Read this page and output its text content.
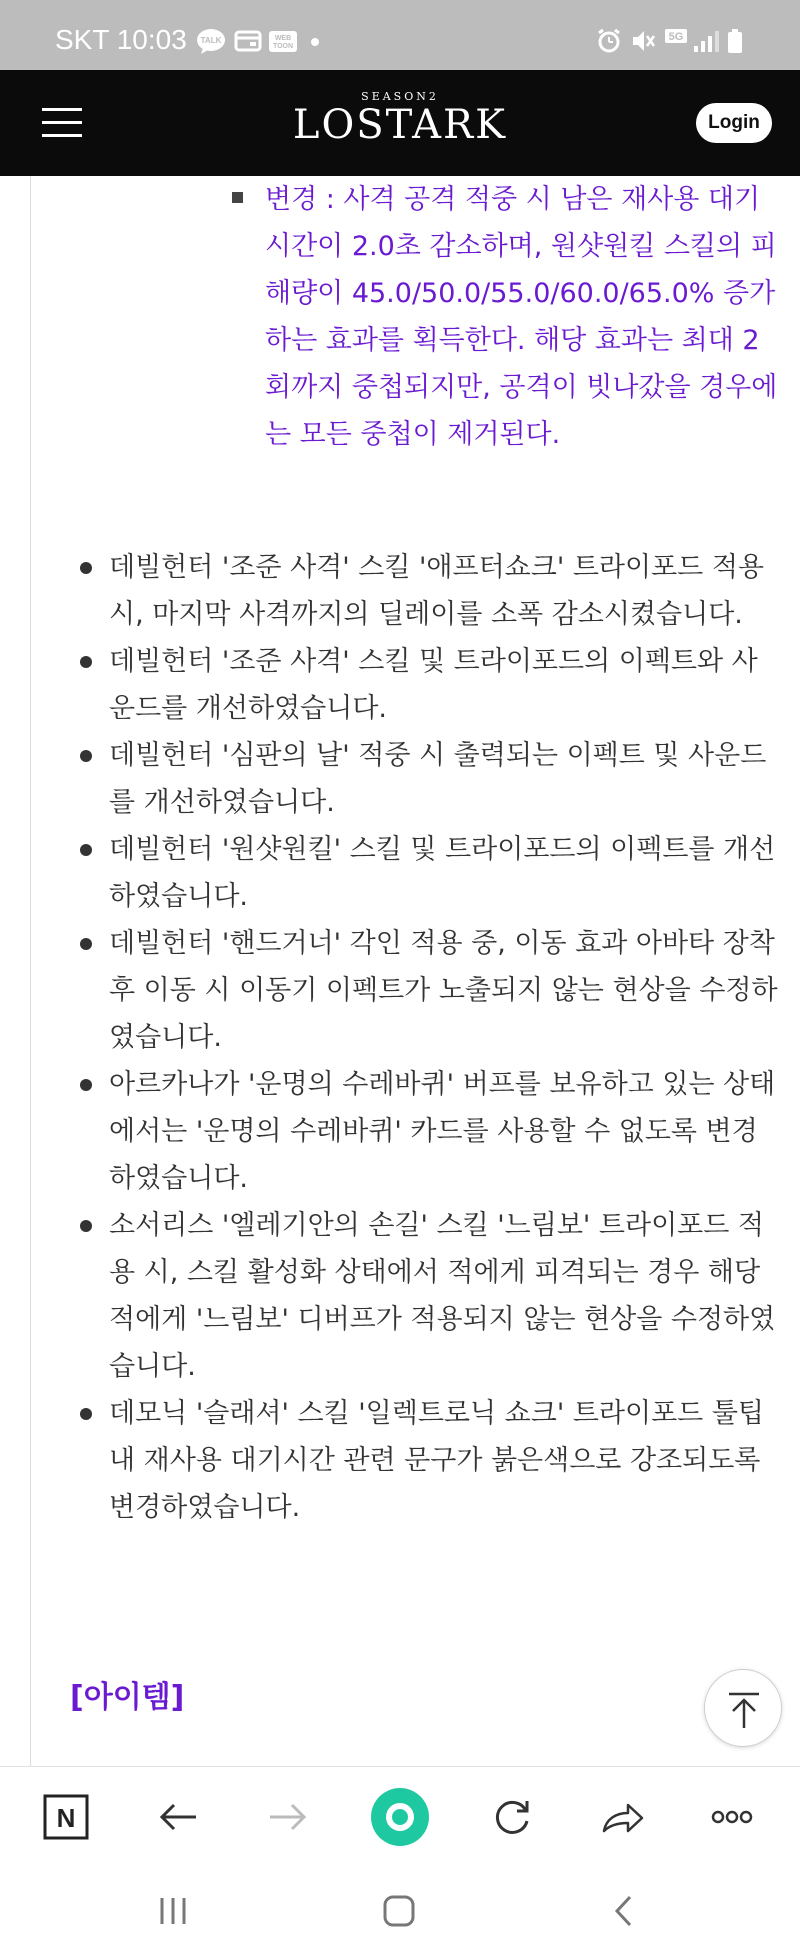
SKT 10:03 TALK	WEB
TOON
5G
SEASON2
LOSTARK	Login
변경 : 사격 공격 적중 시 남은 재사용 대기시간이 2.0초 감소하며, 원샷원킬 스킬의 피해량이 45.0/50.0/55.0/60.0/65.0% 증가하는 효과를 획득한다. 해당 효과는 최대 2회까지 중첩되지만, 공격이 빗나갔을 경우에는 모든 중첩이 제거된다.
데빌헌터 '조준 사격' 스킬 '애프터쇼크' 트라이포드 적용 시, 마지막 사격까지의 딜레이를 소폭 감소시켰습니다.
데빌헌터 '조준 사격' 스킬 및 트라이포드의 이펙트와 사운드를 개선하였습니다.
데빌헌터 '심판의 날' 적중 시 출력되는 이펙트 및 사운드를 개선하였습니다.
데빌헌터 '원샷원킬' 스킬 및 트라이포드의 이펙트를 개선하였습니다.
데빌헌터 '핸드거너' 각인 적용 중, 이동 효과 아바타 장착 후 이동 시 이동기 이펙트가 노출되지 않는 현상을 수정하였습니다.
아르카나가 '운명의 수레바퀴' 버프를 보유하고 있는 상태에서는 '운명의 수레바퀴' 카드를 사용할 수 없도록 변경하였습니다.
소서리스 '엘레기안의 손길' 스킬 '느림보' 트라이포드 적용 시, 스킬 활성화 상태에서 적에게 피격되는 경우 해당 적에게 '느림보' 디버프가 적용되지 않는 현상을 수정하였습니다.
데모닉 '슬래셔' 스킬 '일렉트로닉 쇼크' 트라이포드 툴팁 내 재사용 대기시간 관련 문구가 붉은색으로 강조되도록 변경하였습니다.
[아이템]
N
